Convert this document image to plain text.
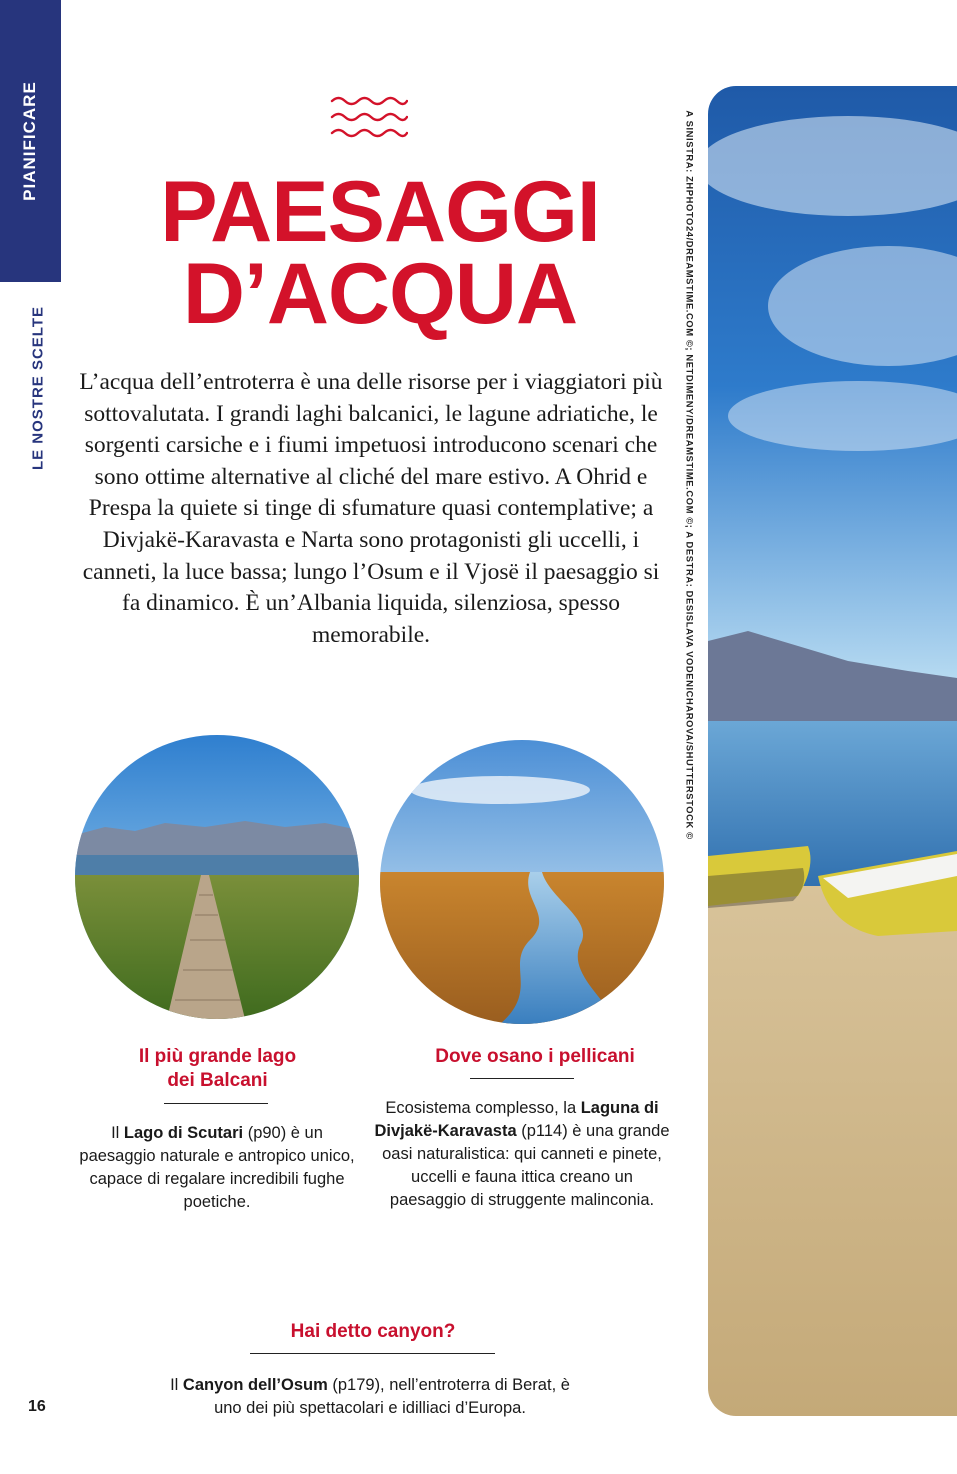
PIANIFICARE
LE NOSTRE SCELTE
PAESAGGI
D’ACQUA
L’acqua dell’entroterra è una delle risorse per i viaggiatori più sottovalutata. I grandi laghi balcanici, le lagune adriatiche, le sorgenti carsiche e i fiumi impetuosi introducono scenari che sono ottime alternative al cliché del mare estivo. A Ohrid e Prespa la quiete si tinge di sfumature quasi contemplative; a Divjakë-Karavasta e Narta sono protagonisti gli uccelli, i canneti, la luce bassa; lungo l’Osum e il Vjosë il paesaggio si fa dinamico. È un’Albania liquida, silenziosa, spesso memorabile.
Il più grande lago
dei Balcani
Il Lago di Scutari (p90) è un paesaggio naturale e antropico unico, capace di regalare incredibili fughe poetiche.
Dove osano i pellicani
Ecosistema complesso, la Laguna di Divjakë-Karavasta (p114) è una grande oasi naturalistica: qui canneti e pinete, uccelli e fauna ittica creano un paesaggio di struggente malinconia.
Hai detto canyon?
Il Canyon dell’Osum (p179), nell’entroterra di Berat, è uno dei più spettacolari e idilliaci d’Europa.
16
A SINISTRA: ZHPHOTO24/DREAMSTIME.COM ©; NETDIMENY/DREAMSTIME.COM ©; A DESTRA: DESISLAVA VODENICHAROVA/SHUTTERSTOCK ©
